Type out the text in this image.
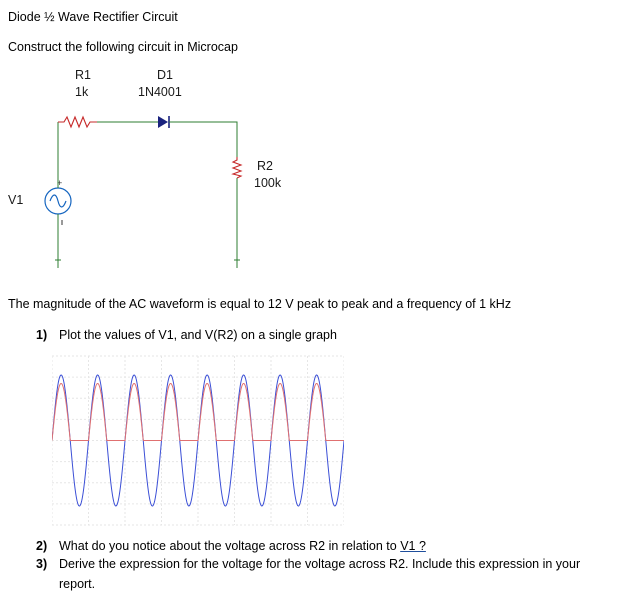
Diode ½ Wave Rectifier Circuit
Construct the following circuit in Microcap
R1
1k
D1
1N4001
R2
100k
V1
+
The magnitude of the AC waveform is equal to 12 V peak to peak and a frequency of 1 kHz
1) Plot the values of V1, and V(R2) on a single graph
2) What do you notice about the voltage across R2 in relation to V1 ?
3) Derive the expression for the voltage for the voltage across R2. Include this expression in your
report.
